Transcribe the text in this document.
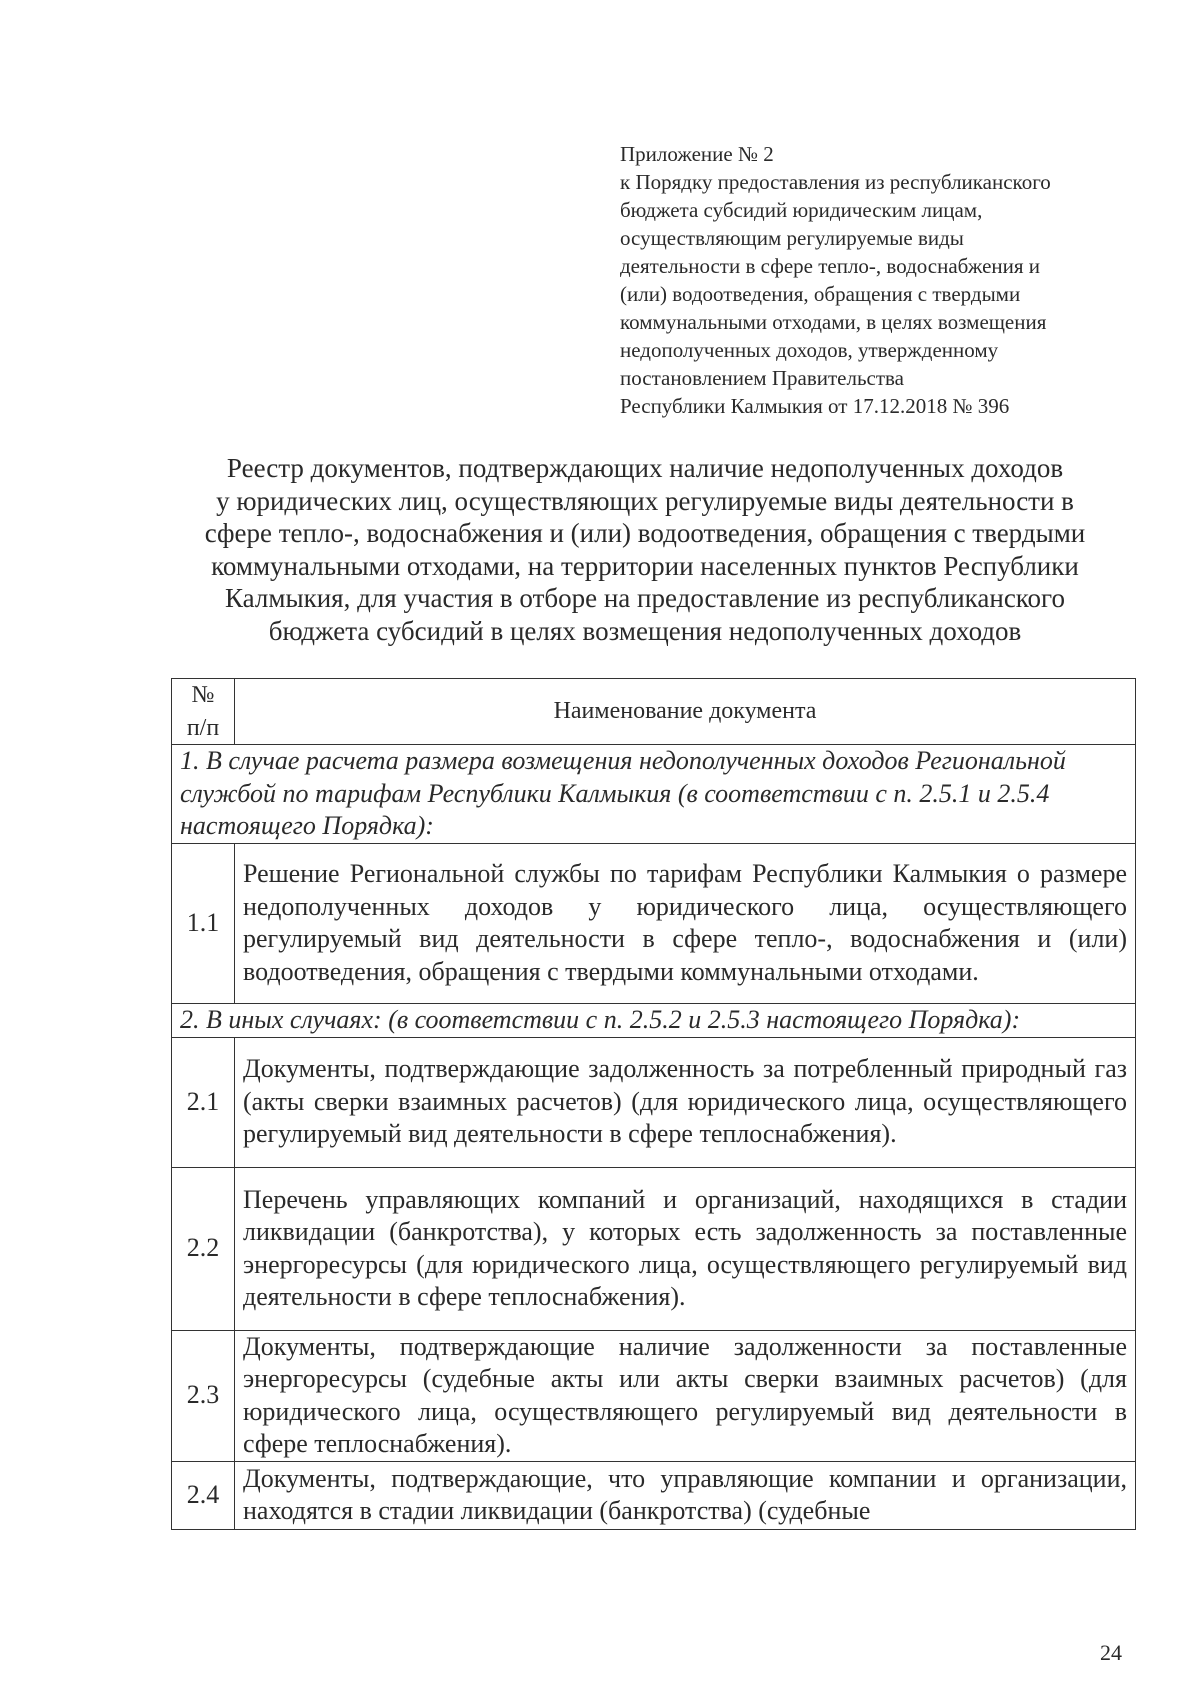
Приложение № 2
к Порядку предоставления из республиканского
бюджета субсидий юридическим лицам,
осуществляющим регулируемые виды
деятельности в сфере тепло-, водоснабжения и
(или) водоотведения, обращения с твердыми
коммунальными отходами, в целях возмещения
недополученных доходов, утвержденному
постановлением Правительства
Республики Калмыкия от 17.12.2018 № 396
Реестр документов, подтверждающих наличие недополученных доходов
у юридических лиц, осуществляющих регулируемые виды деятельности в
сфере тепло-, водоснабжения и (или) водоотведения, обращения с твердыми
коммунальными отходами, на территории населенных пунктов Республики
Калмыкия, для участия в отборе на предоставление из республиканского
бюджета субсидий в целях возмещения недополученных доходов
№ п/п	Наименование документа
1. В случае расчета размера возмещения недополученных доходов Региональной службой по тарифам Республики Калмыкия (в соответствии с п. 2.5.1 и 2.5.4 настоящего Порядка):	
1.1	Решение Региональной службы по тарифам Республики Калмыкия о размере недополученных доходов у юридического лица, осуществляющего регулируемый вид деятельности в сфере тепло-, водоснабжения и (или) водоотведения, обращения с твердыми коммунальными отходами.
2. В иных случаях: (в соответствии с п. 2.5.2 и 2.5.3 настоящего Порядка):	
2.1	Документы, подтверждающие задолженность за потребленный природный газ (акты сверки взаимных расчетов) (для юридического лица, осуществляющего регулируемый вид деятельности в сфере теплоснабжения).
2.2	Перечень управляющих компаний и организаций, находящихся в стадии ликвидации (банкротства), у которых есть задолженность за поставленные энергоресурсы (для юридического лица, осуществляющего регулируемый вид деятельности в сфере теплоснабжения).
2.3	Документы, подтверждающие наличие задолженности за поставленные энергоресурсы (судебные акты или акты сверки взаимных расчетов) (для юридического лица, осуществляющего регулируемый вид деятельности в сфере теплоснабжения).
2.4	Документы, подтверждающие, что управляющие компании и организации, находятся в стадии ликвидации (банкротства) (судебные
24
